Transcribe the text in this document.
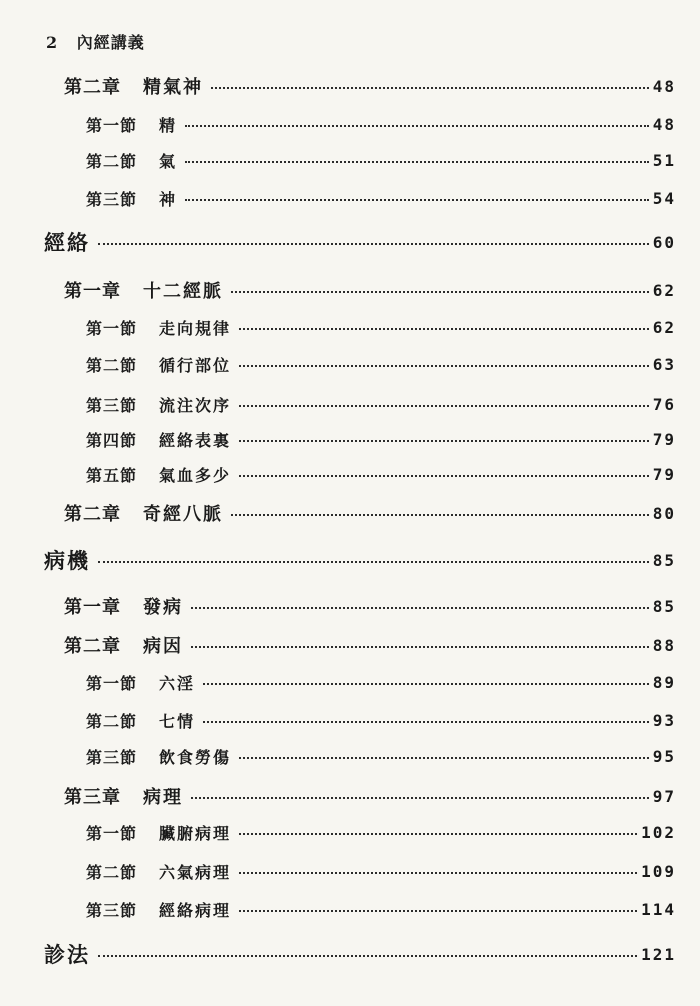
2 內經講義
第二章 精氣神	48
第一節 精	48
第二節 氣	51
第三節 神	54
經絡	60
第一章 十二經脈	62
第一節 走向規律	62
第二節 循行部位	63
第三節 流注次序	76
第四節 經絡表裏	79
第五節 氣血多少	79
第二章 奇經八脈	80
病機	85
第一章 發病	85
第二章 病因	88
第一節 六淫	89
第二節 七情	93
第三節 飲食勞傷	95
第三章 病理	97
第一節 臟腑病理	102
第二節 六氣病理	109
第三節 經絡病理	114
診法	121
